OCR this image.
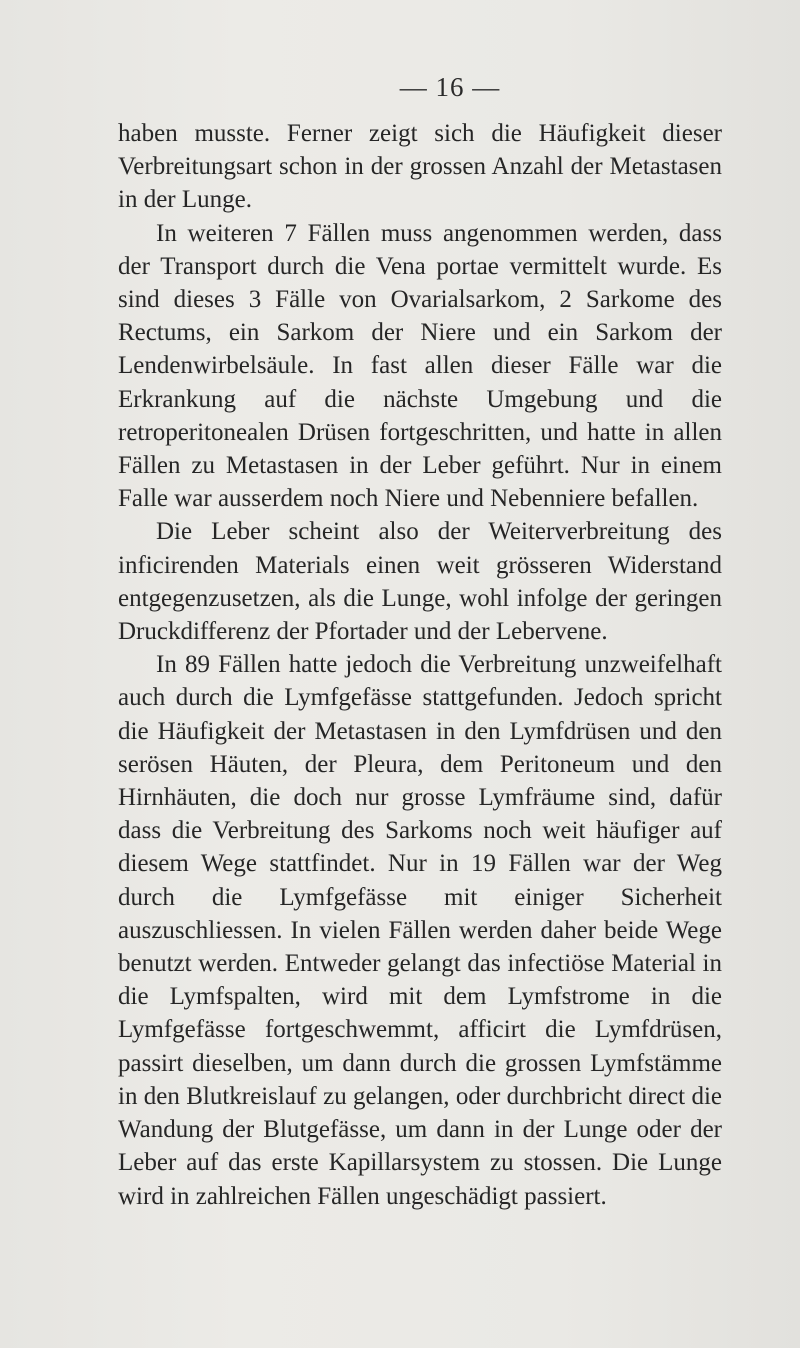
— 16 —

haben musste. Ferner zeigt sich die Häufigkeit dieser Verbreitungsart schon in der grossen Anzahl der Metastasen in der Lunge.

In weiteren 7 Fällen muss angenommen werden, dass der Transport durch die Vena portae vermittelt wurde. Es sind dieses 3 Fälle von Ovarialsarkom, 2 Sarkome des Rectums, ein Sarkom der Niere und ein Sarkom der Lendenwirbelsäule. In fast allen dieser Fälle war die Erkrankung auf die nächste Umgebung und die retroperitonealen Drüsen fortgeschritten, und hatte in allen Fällen zu Metastasen in der Leber geführt. Nur in einem Falle war ausserdem noch Niere und Nebenniere befallen.

Die Leber scheint also der Weiterverbreitung des inficirenden Materials einen weit grösseren Widerstand entgegenzusetzen, als die Lunge, wohl infolge der geringen Druckdifferenz der Pfortader und der Lebervene.

In 89 Fällen hatte jedoch die Verbreitung unzweifelhaft auch durch die Lymfgefässe stattgefunden. Jedoch spricht die Häufigkeit der Metastasen in den Lymfdrüsen und den serösen Häuten, der Pleura, dem Peritoneum und den Hirnhäuten, die doch nur grosse Lymfräume sind, dafür dass die Verbreitung des Sarkoms noch weit häufiger auf diesem Wege stattfindet. Nur in 19 Fällen war der Weg durch die Lymfgefässe mit einiger Sicherheit auszuschliessen. In vielen Fällen werden daher beide Wege benutzt werden. Entweder gelangt das infectiöse Material in die Lymfspalten, wird mit dem Lymfstrome in die Lymfgefässe fortgeschwemmt, afficirt die Lymfdrüsen, passirt dieselben, um dann durch die grossen Lymfstämme in den Blutkreislauf zu gelangen, oder durchbricht direct die Wandung der Blutgefässe, um dann in der Lunge oder der Leber auf das erste Kapillarsystem zu stossen. Die Lunge wird in zahlreichen Fällen ungeschädigt passiert.
